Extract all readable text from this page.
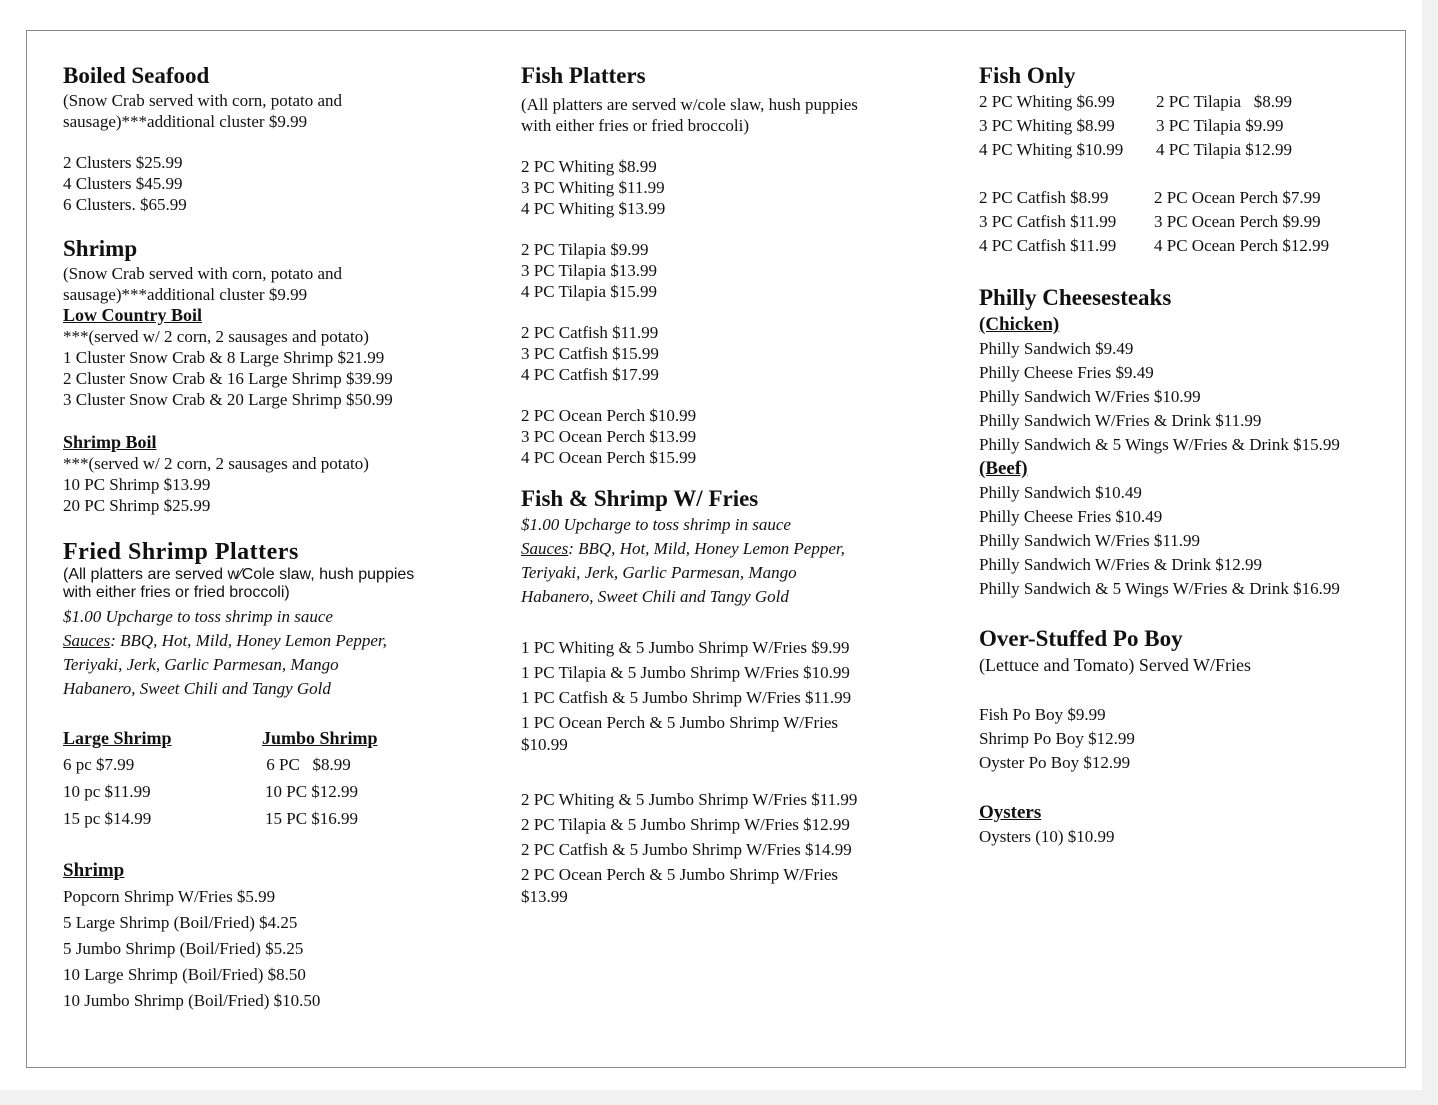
Boiled Seafood
(Snow Crab served with corn, potato and
sausage)***additional cluster $9.99
2 Clusters $25.99
4 Clusters $45.99
6 Clusters. $65.99
Shrimp
(Snow Crab served with corn, potato and
sausage)***additional cluster $9.99
Low Country Boil
***(served w/ 2 corn, 2 sausages and potato)
1 Cluster Snow Crab & 8 Large Shrimp $21.99
2 Cluster Snow Crab & 16 Large Shrimp $39.99
3 Cluster Snow Crab & 20 Large Shrimp $50.99
Shrimp Boil
***(served w/ 2 corn, 2 sausages and potato)
10 PC Shrimp $13.99
20 PC Shrimp $25.99
Fried Shrimp Platters
(All platters are served w∕Cole slaw, hush puppies
with either fries or fried broccoli)
$1.00 Upcharge to toss shrimp in sauce
Sauces: BBQ, Hot, Mild, Honey Lemon Pepper,
Teriyaki, Jerk, Garlic Parmesan, Mango
Habanero, Sweet Chili and Tangy Gold
Large Shrimp
6 pc $7.99
10 pc $11.99
15 pc $14.99
Jumbo Shrimp
6 PC   $8.99
10 PC $12.99
15 PC $16.99
Shrimp
Popcorn Shrimp W/Fries $5.99
5 Large Shrimp (Boil/Fried) $4.25
5 Jumbo Shrimp (Boil/Fried) $5.25
10 Large Shrimp (Boil/Fried) $8.50
10 Jumbo Shrimp (Boil/Fried) $10.50
Fish Platters
(All platters are served w/cole slaw, hush puppies
with either fries or fried broccoli)
2 PC Whiting $8.99
3 PC Whiting $11.99
4 PC Whiting $13.99
2 PC Tilapia $9.99
3 PC Tilapia $13.99
4 PC Tilapia $15.99
2 PC Catfish $11.99
3 PC Catfish $15.99
4 PC Catfish $17.99
2 PC Ocean Perch $10.99
3 PC Ocean Perch $13.99
4 PC Ocean Perch $15.99
Fish & Shrimp W/ Fries
$1.00 Upcharge to toss shrimp in sauce
Sauces: BBQ, Hot, Mild, Honey Lemon Pepper,
Teriyaki, Jerk, Garlic Parmesan, Mango
Habanero, Sweet Chili and Tangy Gold
1 PC Whiting & 5 Jumbo Shrimp W/Fries $9.99
1 PC Tilapia & 5 Jumbo Shrimp W/Fries $10.99
1 PC Catfish & 5 Jumbo Shrimp W/Fries $11.99
1 PC Ocean Perch & 5 Jumbo Shrimp W/Fries
$10.99
2 PC Whiting & 5 Jumbo Shrimp W/Fries $11.99
2 PC Tilapia & 5 Jumbo Shrimp W/Fries $12.99
2 PC Catfish & 5 Jumbo Shrimp W/Fries $14.99
2 PC Ocean Perch & 5 Jumbo Shrimp W/Fries
$13.99
Fish Only
2 PC Whiting $6.99
3 PC Whiting $8.99
4 PC Whiting $10.99
2 PC Tilapia   $8.99
3 PC Tilapia $9.99
4 PC Tilapia $12.99
2 PC Catfish $8.99
3 PC Catfish $11.99
4 PC Catfish $11.99
2 PC Ocean Perch $7.99
3 PC Ocean Perch $9.99
4 PC Ocean Perch $12.99
Philly Cheesesteaks
(Chicken)
Philly Sandwich $9.49
Philly Cheese Fries $9.49
Philly Sandwich W/Fries $10.99
Philly Sandwich W/Fries & Drink $11.99
Philly Sandwich & 5 Wings W/Fries & Drink $15.99
(Beef)
Philly Sandwich $10.49
Philly Cheese Fries $10.49
Philly Sandwich W/Fries $11.99
Philly Sandwich W/Fries & Drink $12.99
Philly Sandwich & 5 Wings W/Fries & Drink $16.99
Over-Stuffed Po Boy
(Lettuce and Tomato) Served W/Fries
Fish Po Boy $9.99
Shrimp Po Boy $12.99
Oyster Po Boy $12.99
Oysters
Oysters (10) $10.99
